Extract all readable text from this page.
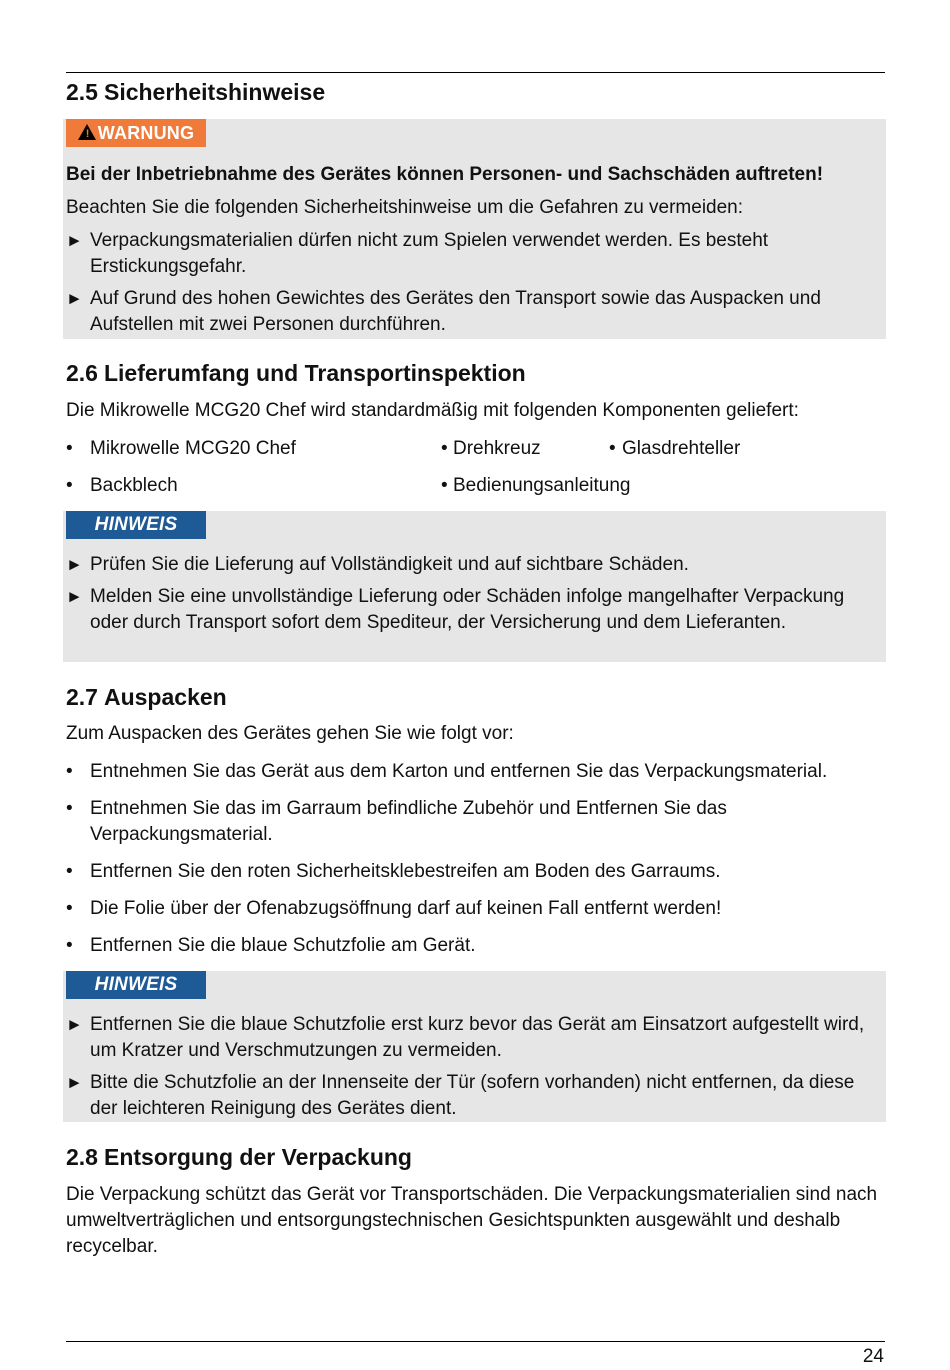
2.5 Sicherheitshinweise
! WARNUNG
Bei der Inbetriebnahme des Gerätes können Personen- und Sachschäden auftreten!
Beachten Sie die folgenden Sicherheitshinweise um die Gefahren zu vermeiden:
► Verpackungsmaterialien dürfen nicht zum Spielen verwendet werden. Es besteht Erstickungsgefahr.
► Auf Grund des hohen Gewichtes des Gerätes den Transport sowie das Auspacken und Aufstellen mit zwei Personen durchführen.
2.6 Lieferumfang und Transportinspektion
Die Mikrowelle MCG20 Chef wird standardmäßig mit folgenden Komponenten geliefert:
• Mikrowelle MCG20 Chef	• Drehkreuz	• Glasdrehteller
• Backblech	• Bedienungsanleitung
HINWEIS
► Prüfen Sie die Lieferung auf Vollständigkeit und auf sichtbare Schäden.
► Melden Sie eine unvollständige Lieferung oder Schäden infolge mangelhafter Verpackung oder durch Transport sofort dem Spediteur, der Versicherung und dem Lieferanten.
2.7 Auspacken
Zum Auspacken des Gerätes gehen Sie wie folgt vor:
• Entnehmen Sie das Gerät aus dem Karton und entfernen Sie das Verpackungsmaterial.
• Entnehmen Sie das im Garraum befindliche Zubehör und Entfernen Sie das  Verpackungsmaterial.
• Entfernen Sie den roten Sicherheitsklebestreifen am Boden des Garraums.
• Die Folie über der Ofenabzugsöffnung darf auf keinen Fall entfernt werden!
• Entfernen Sie die blaue Schutzfolie am Gerät.
HINWEIS
► Entfernen Sie die blaue Schutzfolie erst kurz bevor das Gerät am Einsatzort aufgestellt wird, um Kratzer und Verschmutzungen zu vermeiden.
► Bitte die Schutzfolie an der Innenseite der Tür (sofern vorhanden) nicht entfernen, da diese der leichteren Reinigung des Gerätes dient.
2.8 Entsorgung der Verpackung
Die Verpackung schützt das Gerät vor Transportschäden. Die Verpackungsmaterialien sind nach umweltverträglichen und entsorgungstechnischen Gesichtspunkten ausgewählt und deshalb recycelbar.
24
